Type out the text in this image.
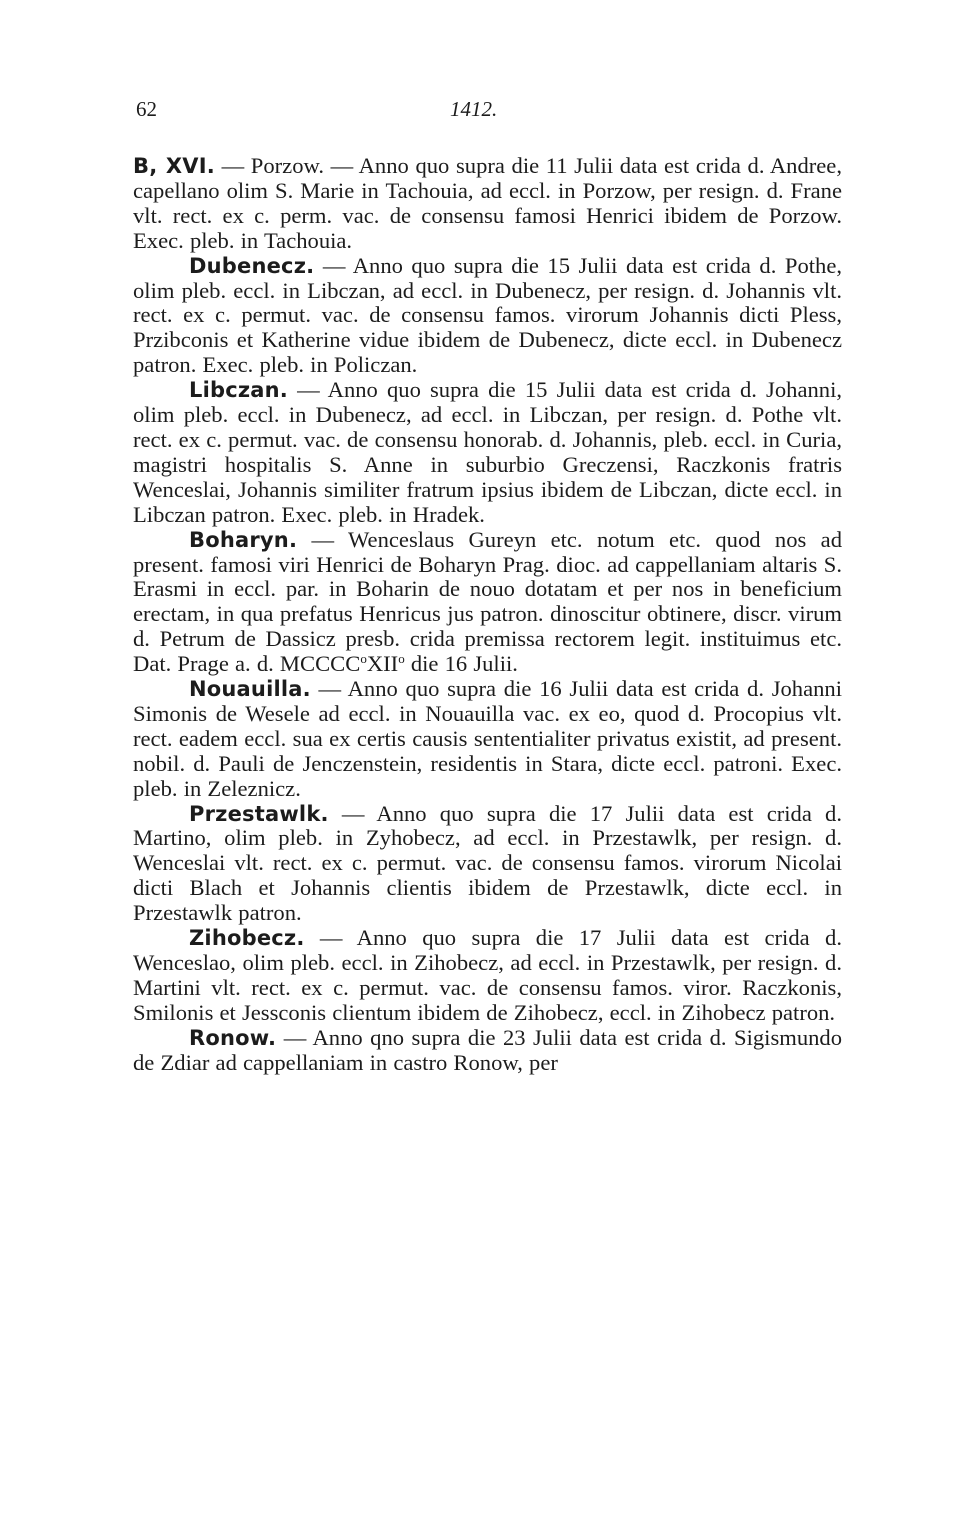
62	1412.

B, XVI. — Porzow. — Anno quo supra die 11 Julii data est crida d. Andree, capellano olim S. Marie in Tachouia, ad eccl. in Porzow, per resign. d. Frane vlt. rect. ex c. perm. vac. de consensu famosi Henrici ibidem de Porzow. Exec. pleb. in Tachouia.

Dubenecz. — Anno quo supra die 15 Julii data est crida d. Pothe, olim pleb. eccl. in Libczan, ad eccl. in Dubenecz, per resign. d. Johannis vlt. rect. ex c. permut. vac. de consensu famos. virorum Johannis dicti Pless, Przibconis et Katherine vidue ibidem de Dubenecz, dicte eccl. in Dubenecz patron. Exec. pleb. in Policzan.

Libczan. — Anno quo supra die 15 Julii data est crida d. Johanni, olim pleb. eccl. in Dubenecz, ad eccl. in Libczan, per resign. d. Pothe vlt. rect. ex c. permut. vac. de consensu honorab. d. Johannis, pleb. eccl. in Curia, magistri hospitalis S. Anne in suburbio Greczensi, Raczkonis fratris Wenceslai, Johannis similiter fratrum ipsius ibidem de Libczan, dicte eccl. in Libczan patron. Exec. pleb. in Hradek.

Boharyn. — Wenceslaus Gureyn etc. notum etc. quod nos ad present. famosi viri Henrici de Boharyn Prag. dioc. ad cappellaniam altaris S. Erasmi in eccl. par. in Boharin de nouo dotatam et per nos in beneficium erectam, in qua prefatus Henricus jus patron. dinoscitur obtinere, discr. virum d. Petrum de Dassicz presb. crida premissa rectorem legit. instituimus etc. Dat. Prage a. d. MCCCC$^o$XII$^o$ die 16 Julii.

Nouauilla. — Anno quo supra die 16 Julii data est crida d. Johanni Simonis de Wesele ad eccl. in Nouauilla vac. ex eo, quod d. Procopius vlt. rect. eadem eccl. sua ex certis causis sententialiter privatus existit, ad present. nobil. d. Pauli de Jenczenstein, residentis in Stara, dicte eccl. patroni. Exec. pleb. in Zeleznicz.

Przestawlk. — Anno quo supra die 17 Julii data est crida d. Martino, olim pleb. in Zyhobecz, ad eccl. in Przestawlk, per resign. d. Wenceslai vlt. rect. ex c. permut. vac. de consensu famos. virorum Nicolai dicti Blach et Johannis clientis ibidem de Przestawlk, dicte eccl. in Przestawlk patron.

Zihobecz. — Anno quo supra die 17 Julii data est crida d. Wenceslao, olim pleb. eccl. in Zihobecz, ad eccl. in Przestawlk, per resign. d. Martini vlt. rect. ex c. permut. vac. de consensu famos. viror. Raczkonis, Smilonis et Jessconis clientum ibidem de Zihobecz, eccl. in Zihobecz patron.

Ronow. — Anno qno supra die 23 Julii data est crida d. Sigismundo de Zdiar ad cappellaniam in castro Ronow, per
